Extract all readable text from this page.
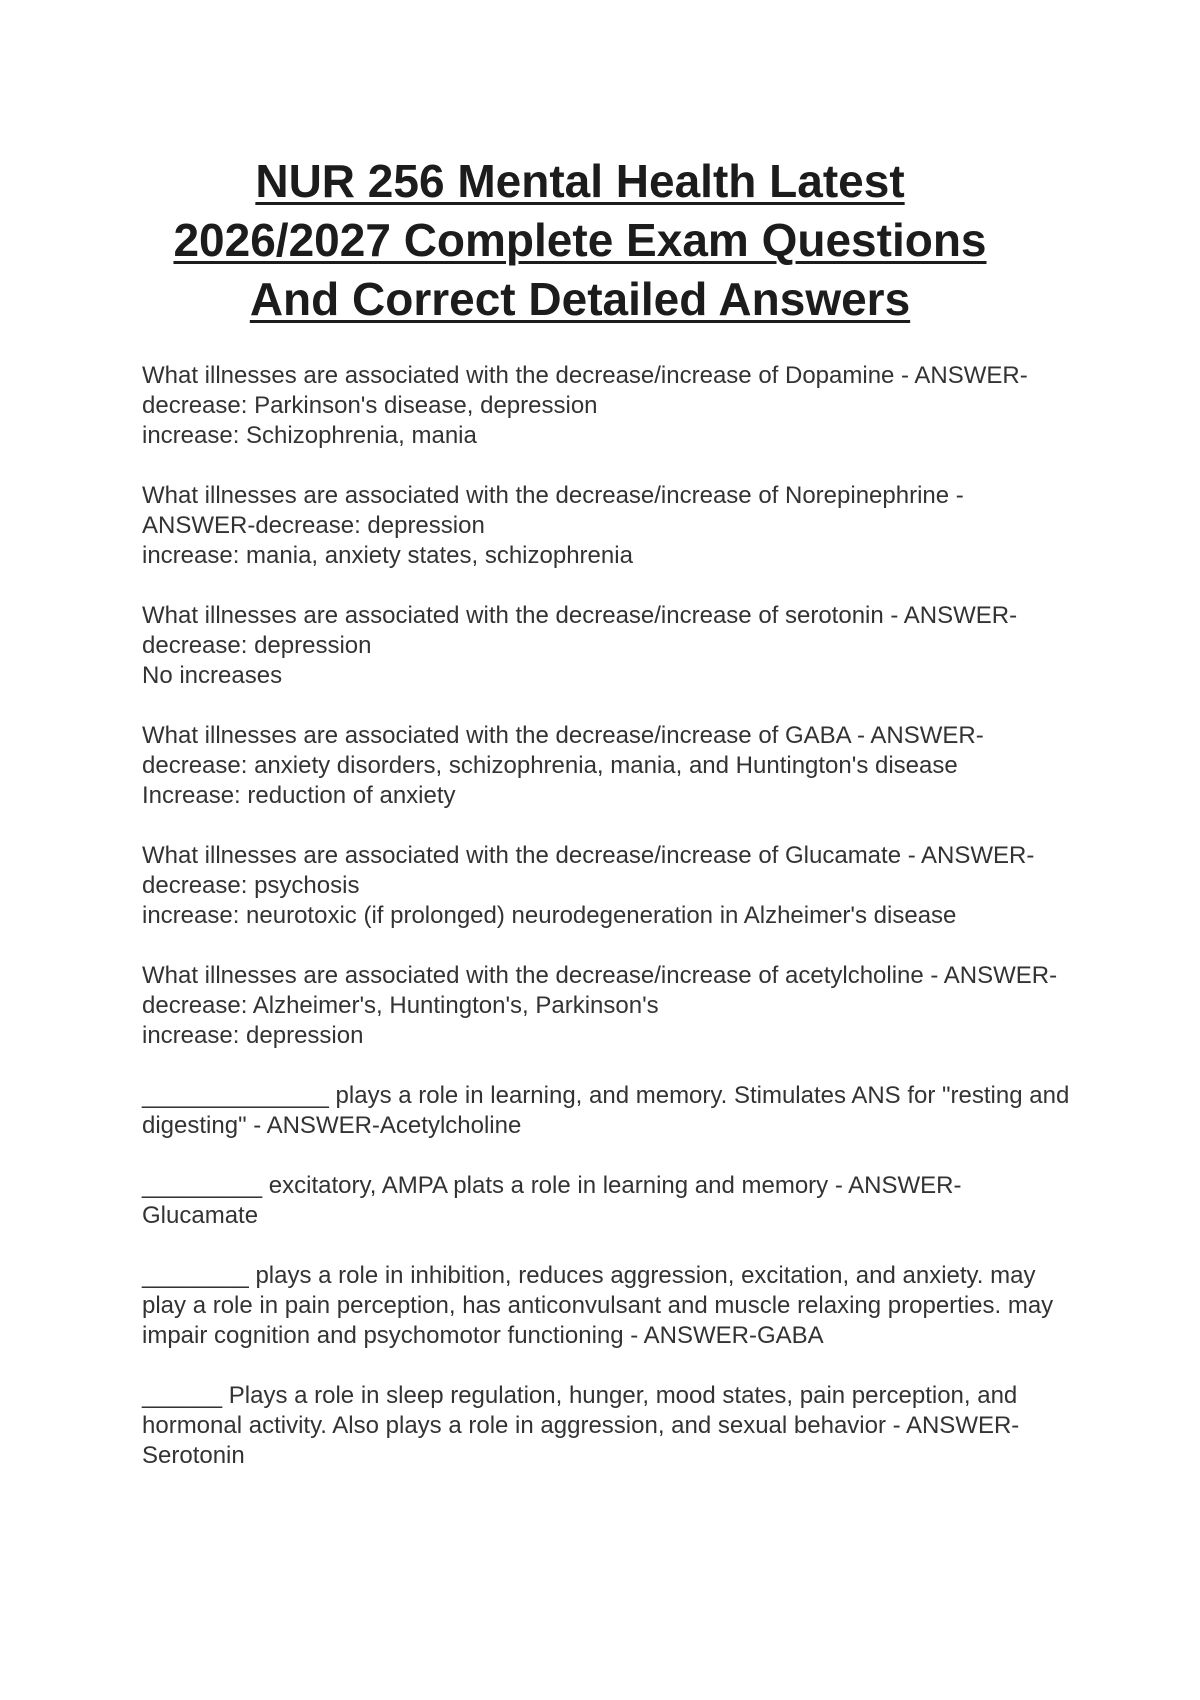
NUR 256 Mental Health Latest
2026/2027 Complete Exam Questions
And Correct Detailed Answers
What illnesses are associated with the decrease/increase of Dopamine - ANSWER-
decrease: Parkinson's disease, depression
increase: Schizophrenia, mania
What illnesses are associated with the decrease/increase of Norepinephrine -
ANSWER-decrease: depression
increase: mania, anxiety states, schizophrenia
What illnesses are associated with the decrease/increase of serotonin - ANSWER-
decrease: depression
No increases
What illnesses are associated with the decrease/increase of GABA - ANSWER-
decrease: anxiety disorders, schizophrenia, mania, and Huntington's disease
Increase: reduction of anxiety
What illnesses are associated with the decrease/increase of Glucamate - ANSWER-
decrease: psychosis
increase: neurotoxic (if prolonged) neurodegeneration in Alzheimer's disease
What illnesses are associated with the decrease/increase of acetylcholine - ANSWER-
decrease: Alzheimer's, Huntington's, Parkinson's
increase: depression
______________ plays a role in learning, and memory. Stimulates ANS for "resting and
digesting" - ANSWER-Acetylcholine
_________ excitatory, AMPA plats a role in learning and memory - ANSWER-
Glucamate
________ plays a role in inhibition, reduces aggression, excitation, and anxiety. may
play a role in pain perception, has anticonvulsant and muscle relaxing properties. may
impair cognition and psychomotor functioning - ANSWER-GABA
______ Plays a role in sleep regulation, hunger, mood states, pain perception, and
hormonal activity. Also plays a role in aggression, and sexual behavior - ANSWER-
Serotonin
